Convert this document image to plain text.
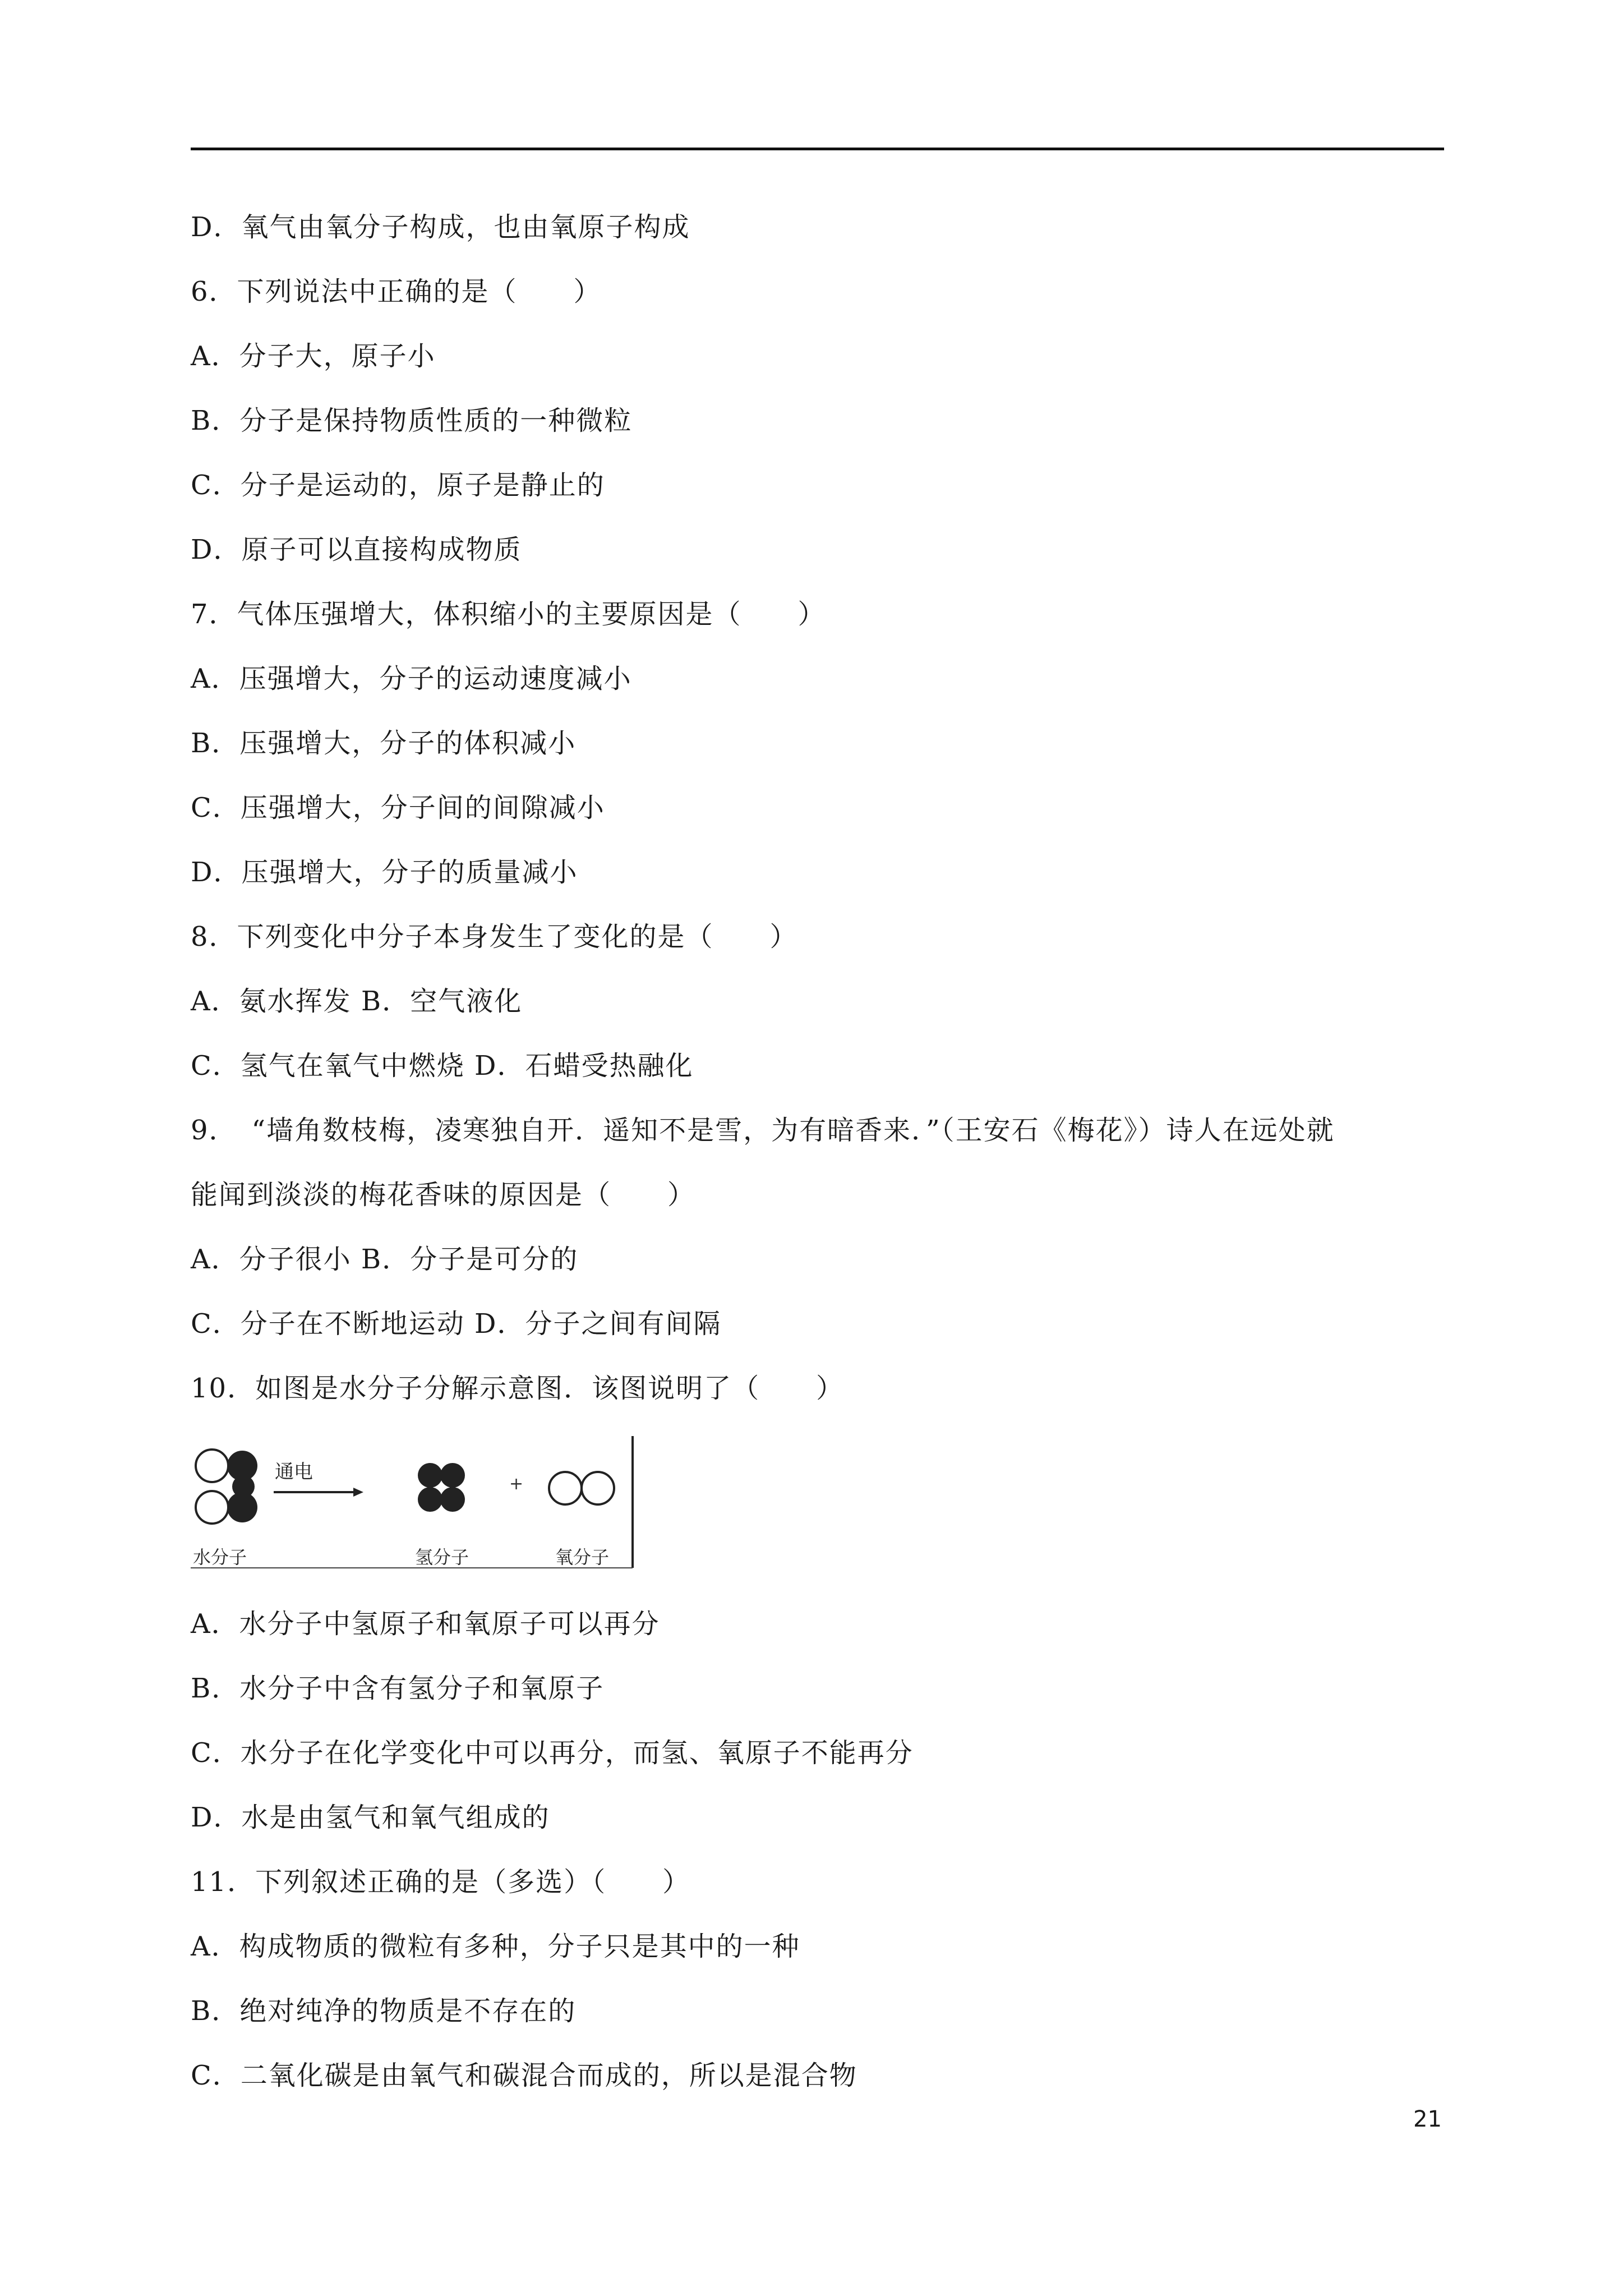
D．氧气由氧分子构成，也由氧原子构成
6．下列说法中正确的是（　　）
A．分子大，原子小
B．分子是保持物质性质的一种微粒
C．分子是运动的，原子是静止的
D．原子可以直接构成物质
7．气体压强增大，体积缩小的主要原因是（　　）
A．压强增大，分子的运动速度减小
B．压强增大，分子的体积减小
C．压强增大，分子间的间隙减小
D．压强增大，分子的质量减小
8．下列变化中分子本身发生了变化的是（　　）
A．氨水挥发 B．空气液化
C．氢气在氧气中燃烧 D．石蜡受热融化
9．　“墙角数枝梅，凌寒独自开．遥知不是雪，为有暗香来．”（王安石《梅花》）诗人在远处就
能闻到淡淡的梅花香味的原因是（　　）
A．分子很小 B．分子是可分的
C．分子在不断地运动 D．分子之间有间隔
10．如图是水分子分解示意图．该图说明了（　　）
通电
+
水分子	氢分子	氧分子
A．水分子中氢原子和氧原子可以再分
B．水分子中含有氢分子和氧原子
C．水分子在化学变化中可以再分，而氢、氧原子不能再分
D．水是由氢气和氧气组成的
11．下列叙述正确的是（多选）（　　）
A．构成物质的微粒有多种，分子只是其中的一种
B．绝对纯净的物质是不存在的
C．二氧化碳是由氧气和碳混合而成的，所以是混合物
21
